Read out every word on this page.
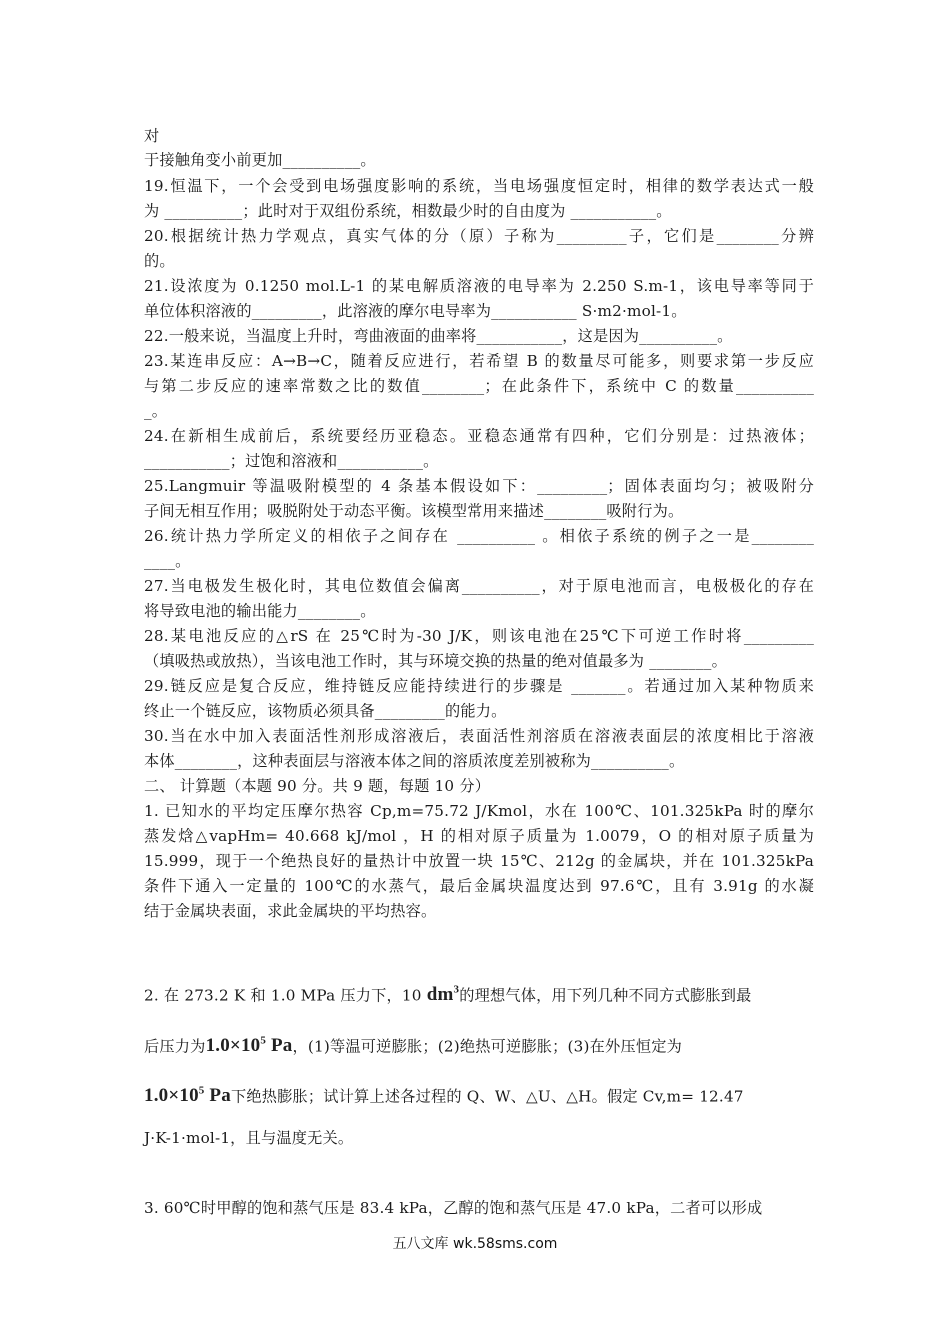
对
于接触角变小前更加__________。
19.恒温下，一个会受到电场强度影响的系统，当电场强度恒定时，相律的数学表达式一般
为 __________；此时对于双组份系统，相数最少时的自由度为 ___________。
20.根据统计热力学观点，真实气体的分（原）子称为_________子，它们是________分辨
的。
21.设浓度为 0.1250 mol.L-1 的某电解质溶液的电导率为 2.250 S.m-1，该电导率等同于
单位体积溶液的_________，此溶液的摩尔电导率为___________ S·m2·mol-1。
22.一般来说，当温度上升时，弯曲液面的曲率将___________，这是因为__________。
23.某连串反应：A→B→C，随着反应进行，若希望 B 的数量尽可能多，则要求第一步反应
与第二步反应的速率常数之比的数值________；在此条件下，系统中 C 的数量__________
_。
24.在新相生成前后，系统要经历亚稳态。亚稳态通常有四种，它们分别是：过热液体；
___________；过饱和溶液和___________。
25.Langmuir 等温吸附模型的 4 条基本假设如下：_________；固体表面均匀；被吸附分
子间无相互作用；吸脱附处于动态平衡。该模型常用来描述________吸附行为。
26.统计热力学所定义的相依子之间存在 __________ 。相依子系统的例子之一是________
____。
27.当电极发生极化时，其电位数值会偏离__________，对于原电池而言，电极极化的存在
将导致电池的输出能力________。
28.某电池反应的△rS 在 25℃时为-30 J/K，则该电池在25℃下可逆工作时将_________
（填吸热或放热），当该电池工作时，其与环境交换的热量的绝对值最多为 ________。
29.链反应是复合反应，维持链反应能持续进行的步骤是 _______。若通过加入某种物质来
终止一个链反应，该物质必须具备_________的能力。
30.当在水中加入表面活性剂形成溶液后，表面活性剂溶质在溶液表面层的浓度相比于溶液
本体________，这种表面层与溶液本体之间的溶质浓度差别被称为__________。
二、 计算题（本题 90 分。共 9 题，每题 10 分）
1. 已知水的平均定压摩尔热容 Cp,m=75.72 J/Kmol，水在 100℃、101.325kPa 时的摩尔
蒸发焓△vapHm= 40.668 kJ/mol ，H 的相对原子质量为 1.0079，O 的相对原子质量为
15.999，现于一个绝热良好的量热计中放置一块 15℃、212g 的金属块，并在 101.325kPa
条件下通入一定量的 100℃的水蒸气，最后金属块温度达到 97.6℃，且有 3.91g 的水凝
结于金属块表面，求此金属块的平均热容。
2. 在 273.2 K 和 1.0 MPa 压力下，10 $dm^3$的理想气体，用下列几种不同方式膨胀到最
后压力为$1.0\times 10^5$ Pa，(1)等温可逆膨胀；(2)绝热可逆膨胀；(3)在外压恒定为
$1.0\times 10^5$ Pa下绝热膨胀；试计算上述各过程的 Q、W、△U、△H。假定 Cv,m= 12.47
J·K-1·mol-1，且与温度无关。
3. 60℃时甲醇的饱和蒸气压是 83.4 kPa，乙醇的饱和蒸气压是 47.0 kPa，二者可以形成
五八文库 wk.58sms.com
